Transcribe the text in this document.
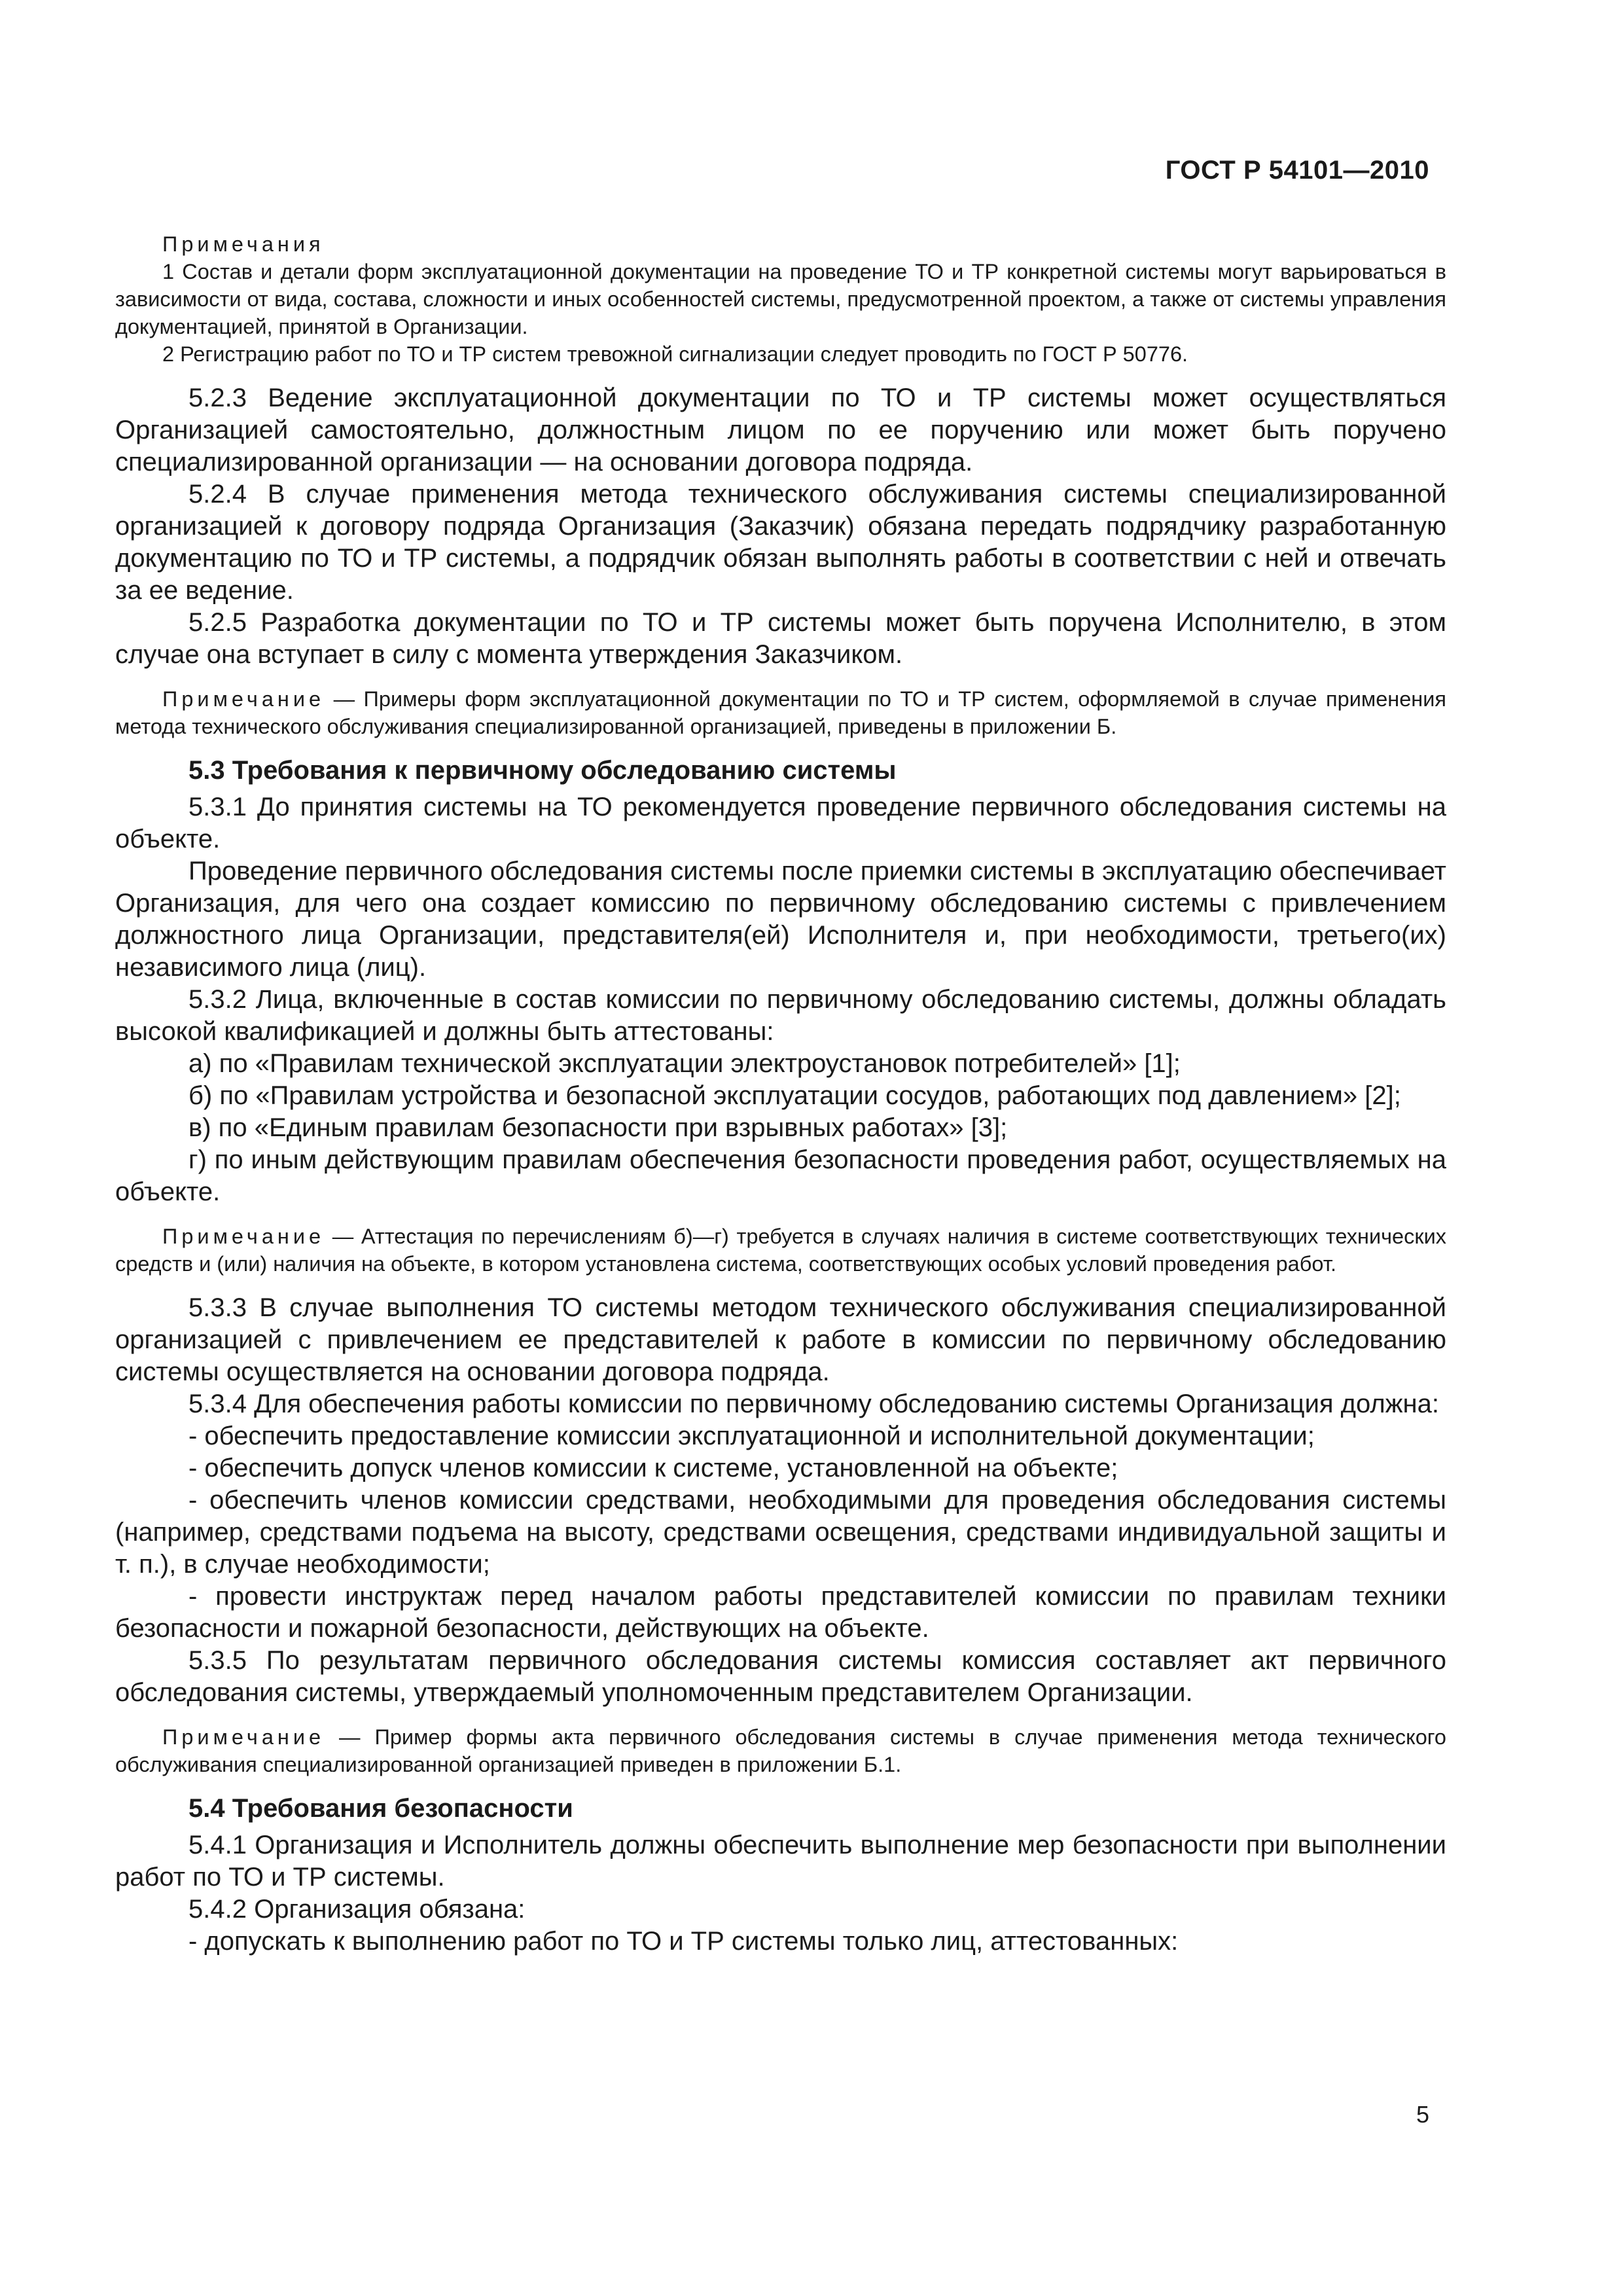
ГОСТ Р 54101—2010

Примечания

1 Состав и детали форм эксплуатационной документации на проведение ТО и ТР конкретной системы могут варьироваться в зависимости от вида, состава, сложности и иных особенностей системы, предусмотренной проектом, а также от системы управления документацией, принятой в Организации.

2 Регистрацию работ по ТО и ТР систем тревожной сигнализации следует проводить по ГОСТ Р 50776.

5.2.3 Ведение эксплуатационной документации по ТО и ТР системы может осуществляться Организацией самостоятельно, должностным лицом по ее поручению или может быть поручено специализированной организации — на основании договора подряда.

5.2.4 В случае применения метода технического обслуживания системы специализированной организацией к договору подряда Организация (Заказчик) обязана передать подрядчику разработанную документацию по ТО и ТР системы, а подрядчик обязан выполнять работы в соответствии с ней и отвечать за ее ведение.

5.2.5 Разработка документации по ТО и ТР системы может быть поручена Исполнителю, в этом случае она вступает в силу с момента утверждения Заказчиком.

Примечание — Примеры форм эксплуатационной документации по ТО и ТР систем, оформляемой в случае применения метода технического обслуживания специализированной организацией, приведены в приложении Б.

5.3 Требования к первичному обследованию системы

5.3.1 До принятия системы на ТО рекомендуется проведение первичного обследования системы на объекте.

Проведение первичного обследования системы после приемки системы в эксплуатацию обеспечивает Организация, для чего она создает комиссию по первичному обследованию системы с привлечением должностного лица Организации, представителя(ей) Исполнителя и, при необходимости, третьего(их) независимого лица (лиц).

5.3.2 Лица, включенные в состав комиссии по первичному обследованию системы, должны обладать высокой квалификацией и должны быть аттестованы:

а) по «Правилам технической эксплуатации электроустановок потребителей» [1];

б) по «Правилам устройства и безопасной эксплуатации сосудов, работающих под давлением» [2];

в) по «Единым правилам безопасности при взрывных работах» [3];

г) по иным действующим правилам обеспечения безопасности проведения работ, осуществляемых на объекте.

Примечание — Аттестация по перечислениям б)—г) требуется в случаях наличия в системе соответствующих технических средств и (или) наличия на объекте, в котором установлена система, соответствующих особых условий проведения работ.

5.3.3 В случае выполнения ТО системы методом технического обслуживания специализированной организацией с привлечением ее представителей к работе в комиссии по первичному обследованию системы осуществляется на основании договора подряда.

5.3.4 Для обеспечения работы комиссии по первичному обследованию системы Организация должна:

- обеспечить предоставление комиссии эксплуатационной и исполнительной документации;

- обеспечить допуск членов комиссии к системе, установленной на объекте;

- обеспечить членов комиссии средствами, необходимыми для проведения обследования системы (например, средствами подъема на высоту, средствами освещения, средствами индивидуальной защиты и т. п.), в случае необходимости;

- провести инструктаж перед началом работы представителей комиссии по правилам техники безопасности и пожарной безопасности, действующих на объекте.

5.3.5 По результатам первичного обследования системы комиссия составляет акт первичного обследования системы, утверждаемый уполномоченным представителем Организации.

Примечание — Пример формы акта первичного обследования системы в случае применения метода технического обслуживания специализированной организацией приведен в приложении Б.1.

5.4 Требования безопасности

5.4.1 Организация и Исполнитель должны обеспечить выполнение мер безопасности при выполнении работ по ТО и ТР системы.

5.4.2 Организация обязана:

- допускать к выполнению работ по ТО и ТР системы только лиц, аттестованных:

5
